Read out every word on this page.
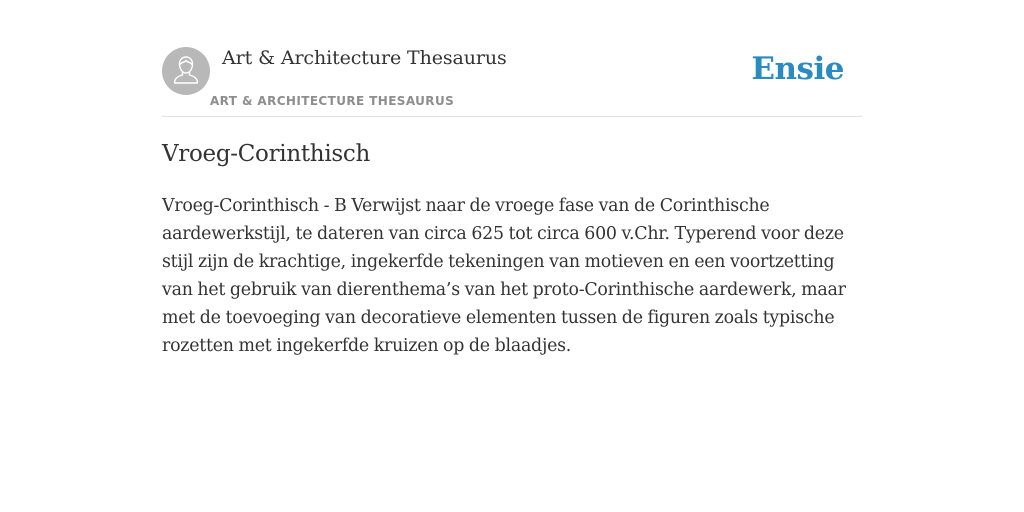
Art & Architecture Thesaurus
ART & ARCHITECTURE THESAURUS
Ensie
Vroeg-Corinthisch

Vroeg-Corinthisch - B Verwijst naar de vroege fase van de Corinthische aardewerkstijl, te dateren van circa 625 tot circa 600 v.Chr. Typerend voor deze stijl zijn de krachtige, ingekerfde tekeningen van motieven en een voortzetting van het gebruik van dierenthema’s van het proto-Corinthische aardewerk, maar met de toevoeging van decoratieve elementen tussen de figuren zoals typische rozetten met ingekerfde kruizen op de blaadjes.
